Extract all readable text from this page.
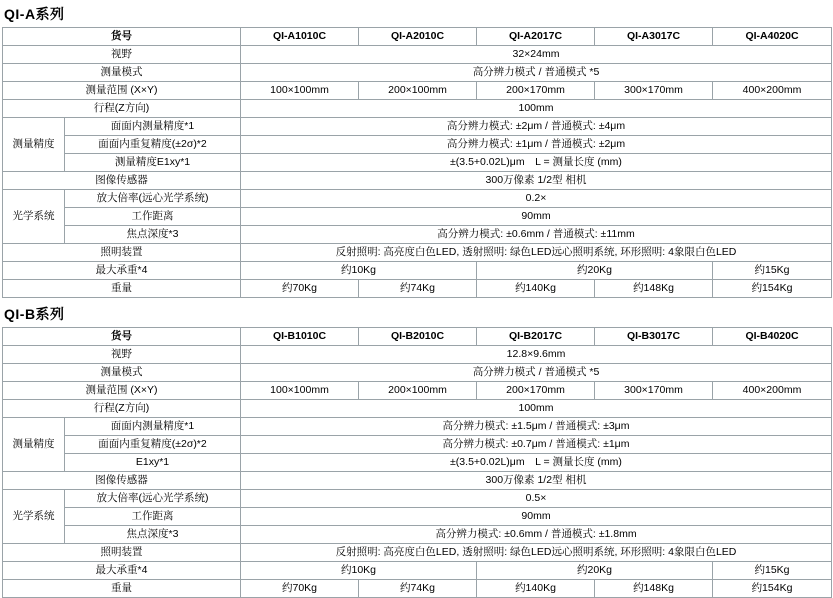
QI-A系列
货号		QI-A1010C	QI-A2010C	QI-A2017C	QI-A3017C	QI-A4020C
视野		32×24mm				
测量模式		高分辨力模式 / 普通模式 *5				
测量范围 (X×Y)		100×100mm	200×100mm	200×170mm	300×170mm	400×200mm
行程(Z方向)		100mm				
测量精度	面面内测量精度*1	高分辨力模式: ±2μm / 普通模式: ±4μm				
	面面内重复精度(±2σ)*2	高分辨力模式: ±1μm / 普通模式: ±2μm				
	测量精度E1xy*1	±(3.5+0.02L)μm　L = 测量长度 (mm)				
图像传感器		300万像素 1/2型 相机				
光学系统	放大倍率(远心光学系统)	0.2×				
	工作距离	90mm				
	焦点深度*3	高分辨力模式: ±0.6mm / 普通模式: ±11mm				
照明装置		反射照明: 高亮度白色LED, 透射照明: 绿色LED远心照明系统, 环形照明: 4象限白色LED				
最大承重*4		约10Kg		约20Kg		约15Kg
重量		约70Kg	约74Kg	约140Kg	约148Kg	约154Kg
QI-B系列
货号		QI-B1010C	QI-B2010C	QI-B2017C	QI-B3017C	QI-B4020C
视野		12.8×9.6mm				
测量模式		高分辨力模式 / 普通模式 *5				
测量范围 (X×Y)		100×100mm	200×100mm	200×170mm	300×170mm	400×200mm
行程(Z方向)		100mm				
测量精度	面面内测量精度*1	高分辨力模式: ±1.5μm / 普通模式: ±3μm				
	面面内重复精度(±2σ)*2	高分辨力模式: ±0.7μm / 普通模式: ±1μm				
	E1xy*1	±(3.5+0.02L)μm　L = 测量长度 (mm)				
图像传感器		300万像素 1/2型 相机				
光学系统	放大倍率(远心光学系统)	0.5×				
	工作距离	90mm				
	焦点深度*3	高分辨力模式: ±0.6mm / 普通模式: ±1.8mm				
照明装置		反射照明: 高亮度白色LED, 透射照明: 绿色LED远心照明系统, 环形照明: 4象限白色LED				
最大承重*4		约10Kg		约20Kg		约15Kg
重量		约70Kg	约74Kg	约140Kg	约148Kg	约154Kg
